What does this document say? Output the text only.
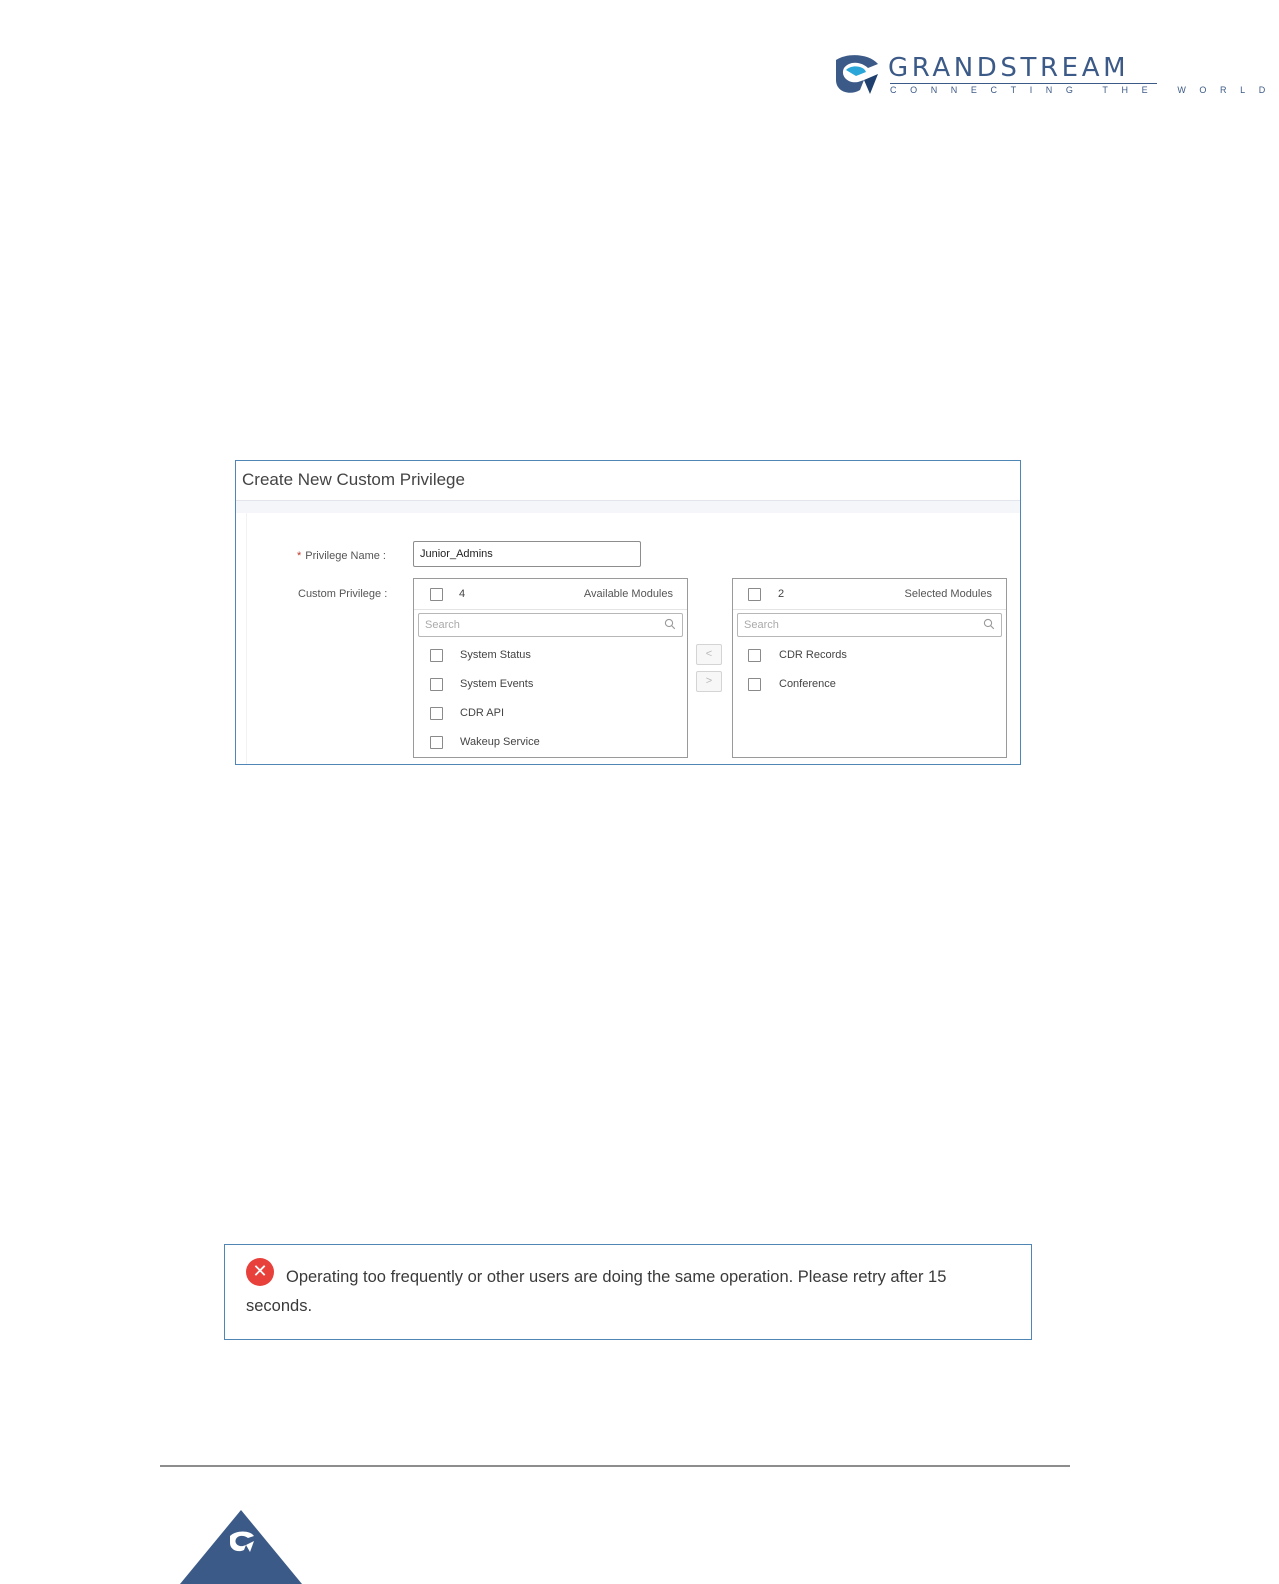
GRANDSTREAM
CONNECTING THE WORLD
Create New Custom Privilege
* Privilege Name :	Junior_Admins
Custom Privilege :	4	Available Modules
Search
System Status
System Events
CDR API
Wakeup Service
<
>
2	Selected Modules
Search
CDR Records
Conference
✕	Operating too frequently or other users are doing the same operation. Please retry after 15 seconds.
